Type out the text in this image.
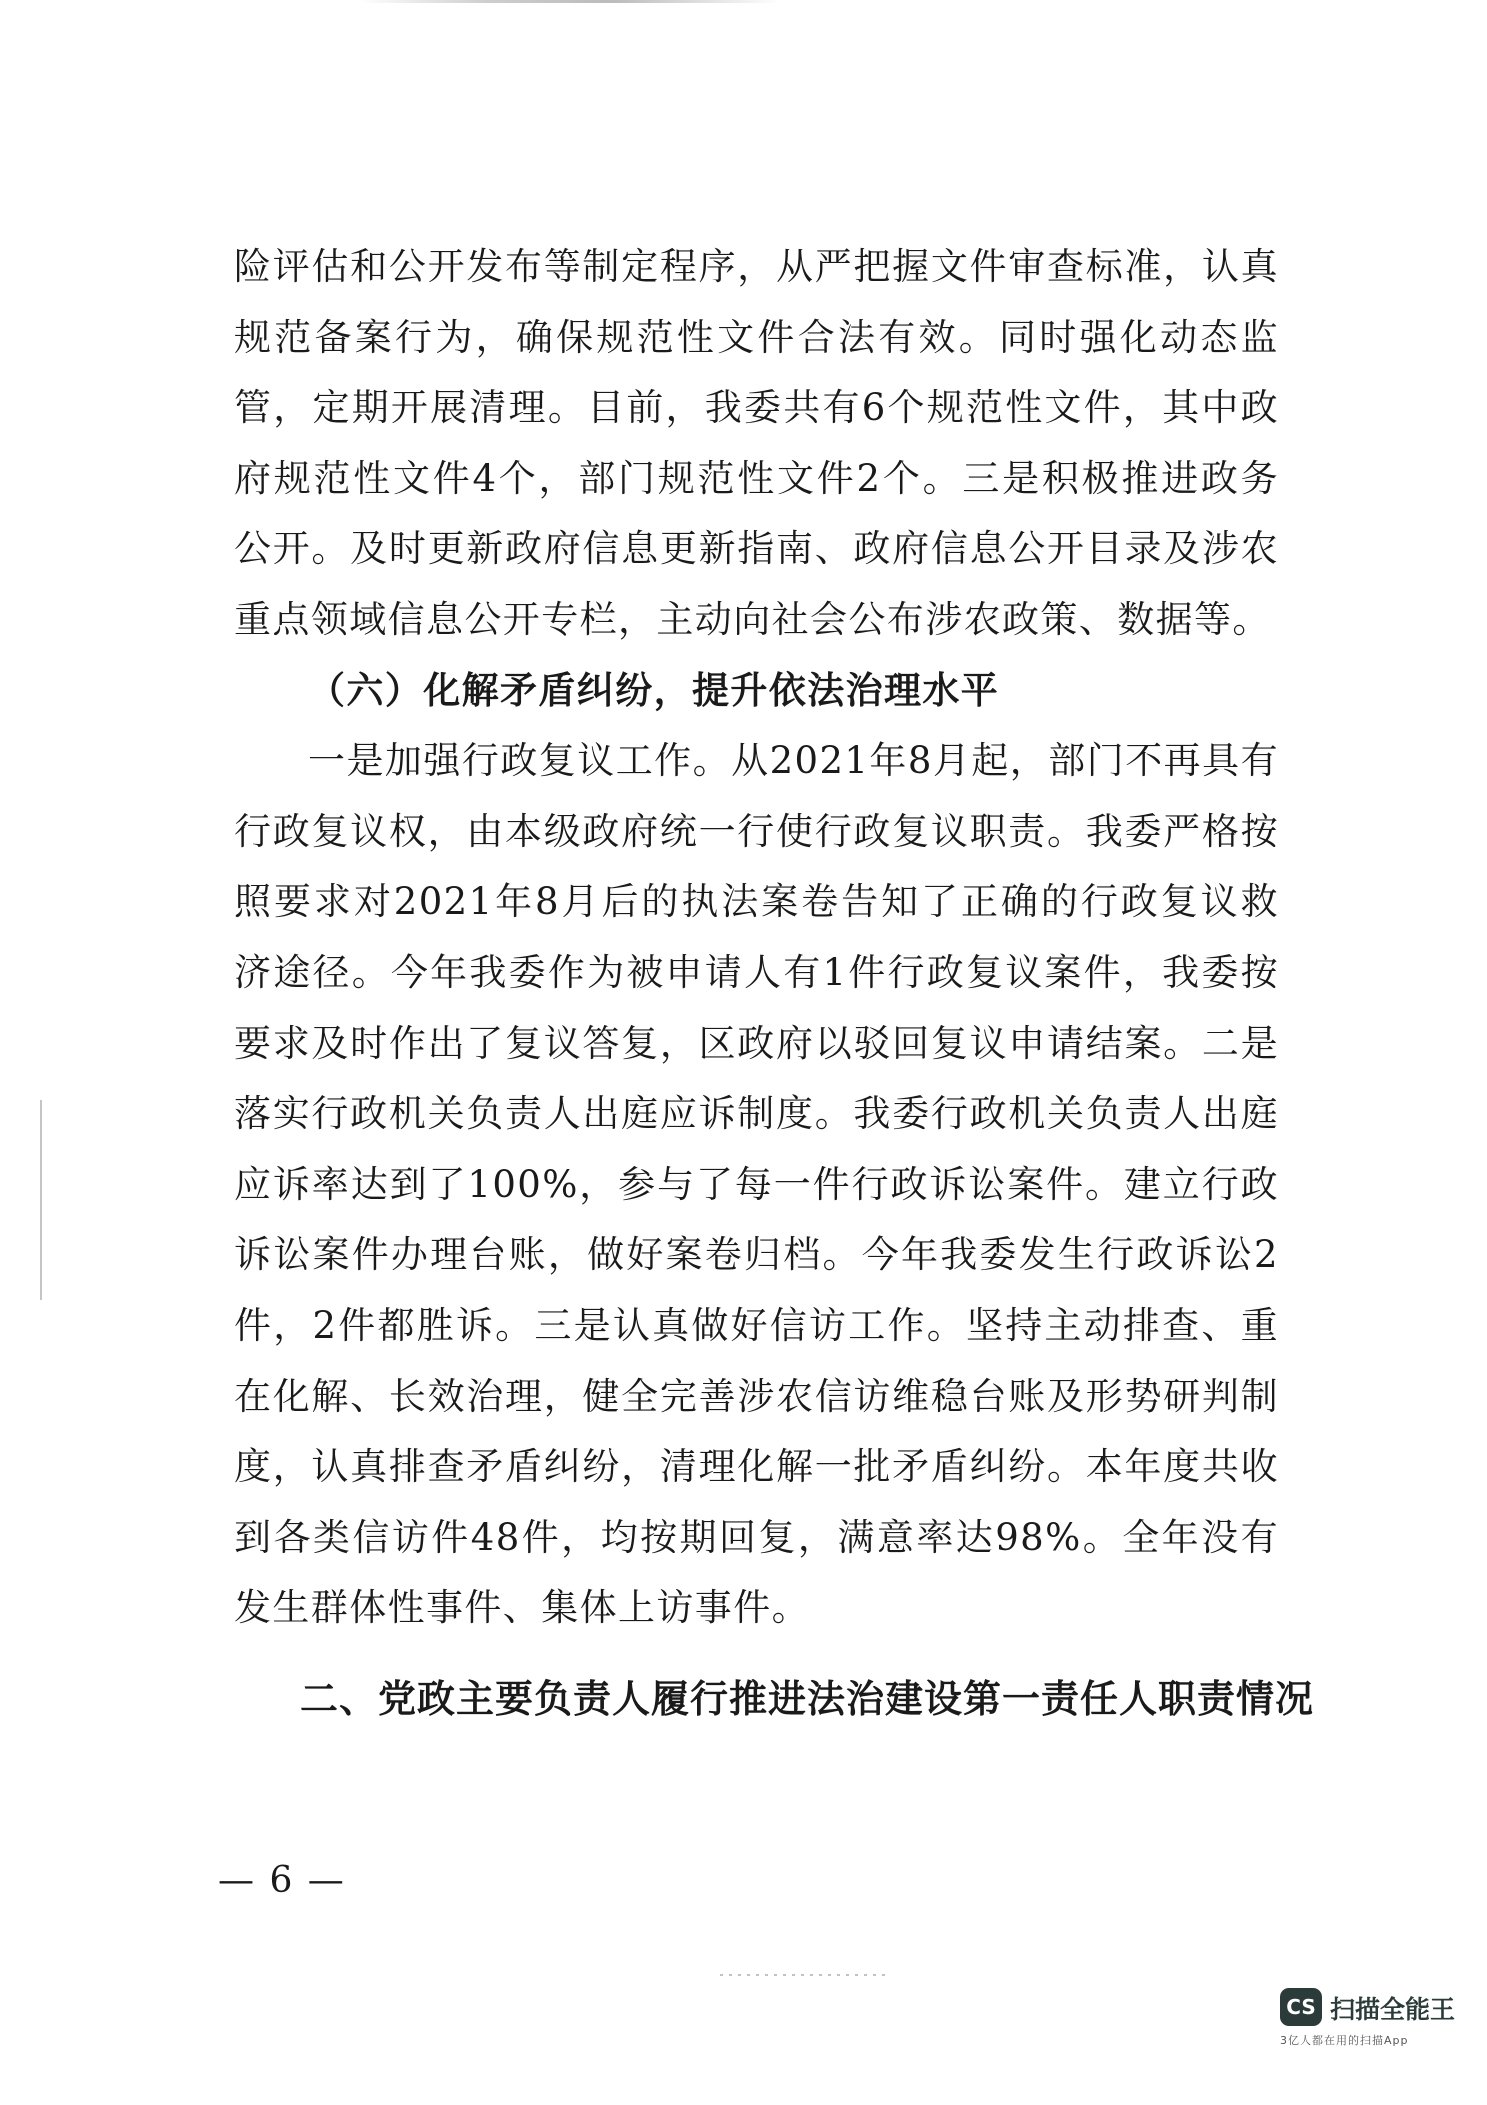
险评估和公开发布等制定程序，从严把握文件审查标准，认真规范备案行为，确保规范性文件合法有效。同时强化动态监管，定期开展清理。目前，我委共有6个规范性文件，其中政府规范性文件4个，部门规范性文件2个。三是积极推进政务公开。及时更新政府信息更新指南、政府信息公开目录及涉农重点领域信息公开专栏，主动向社会公布涉农政策、数据等。

（六）化解矛盾纠纷，提升依法治理水平

一是加强行政复议工作。从2021年8月起，部门不再具有行政复议权，由本级政府统一行使行政复议职责。我委严格按照要求对2021年8月后的执法案卷告知了正确的行政复议救济途径。今年我委作为被申请人有1件行政复议案件，我委按要求及时作出了复议答复，区政府以驳回复议申请结案。二是落实行政机关负责人出庭应诉制度。我委行政机关负责人出庭应诉率达到了100%，参与了每一件行政诉讼案件。建立行政诉讼案件办理台账，做好案卷归档。今年我委发生行政诉讼2件，2件都胜诉。三是认真做好信访工作。坚持主动排查、重在化解、长效治理，健全完善涉农信访维稳台账及形势研判制度，认真排查矛盾纠纷，清理化解一批矛盾纠纷。本年度共收到各类信访件48件，均按期回复，满意率达98%。全年没有发生群体性事件、集体上访事件。

二、党政主要负责人履行推进法治建设第一责任人职责情况

— 6 —
CS 扫描全能王
3亿人都在用的扫描App
